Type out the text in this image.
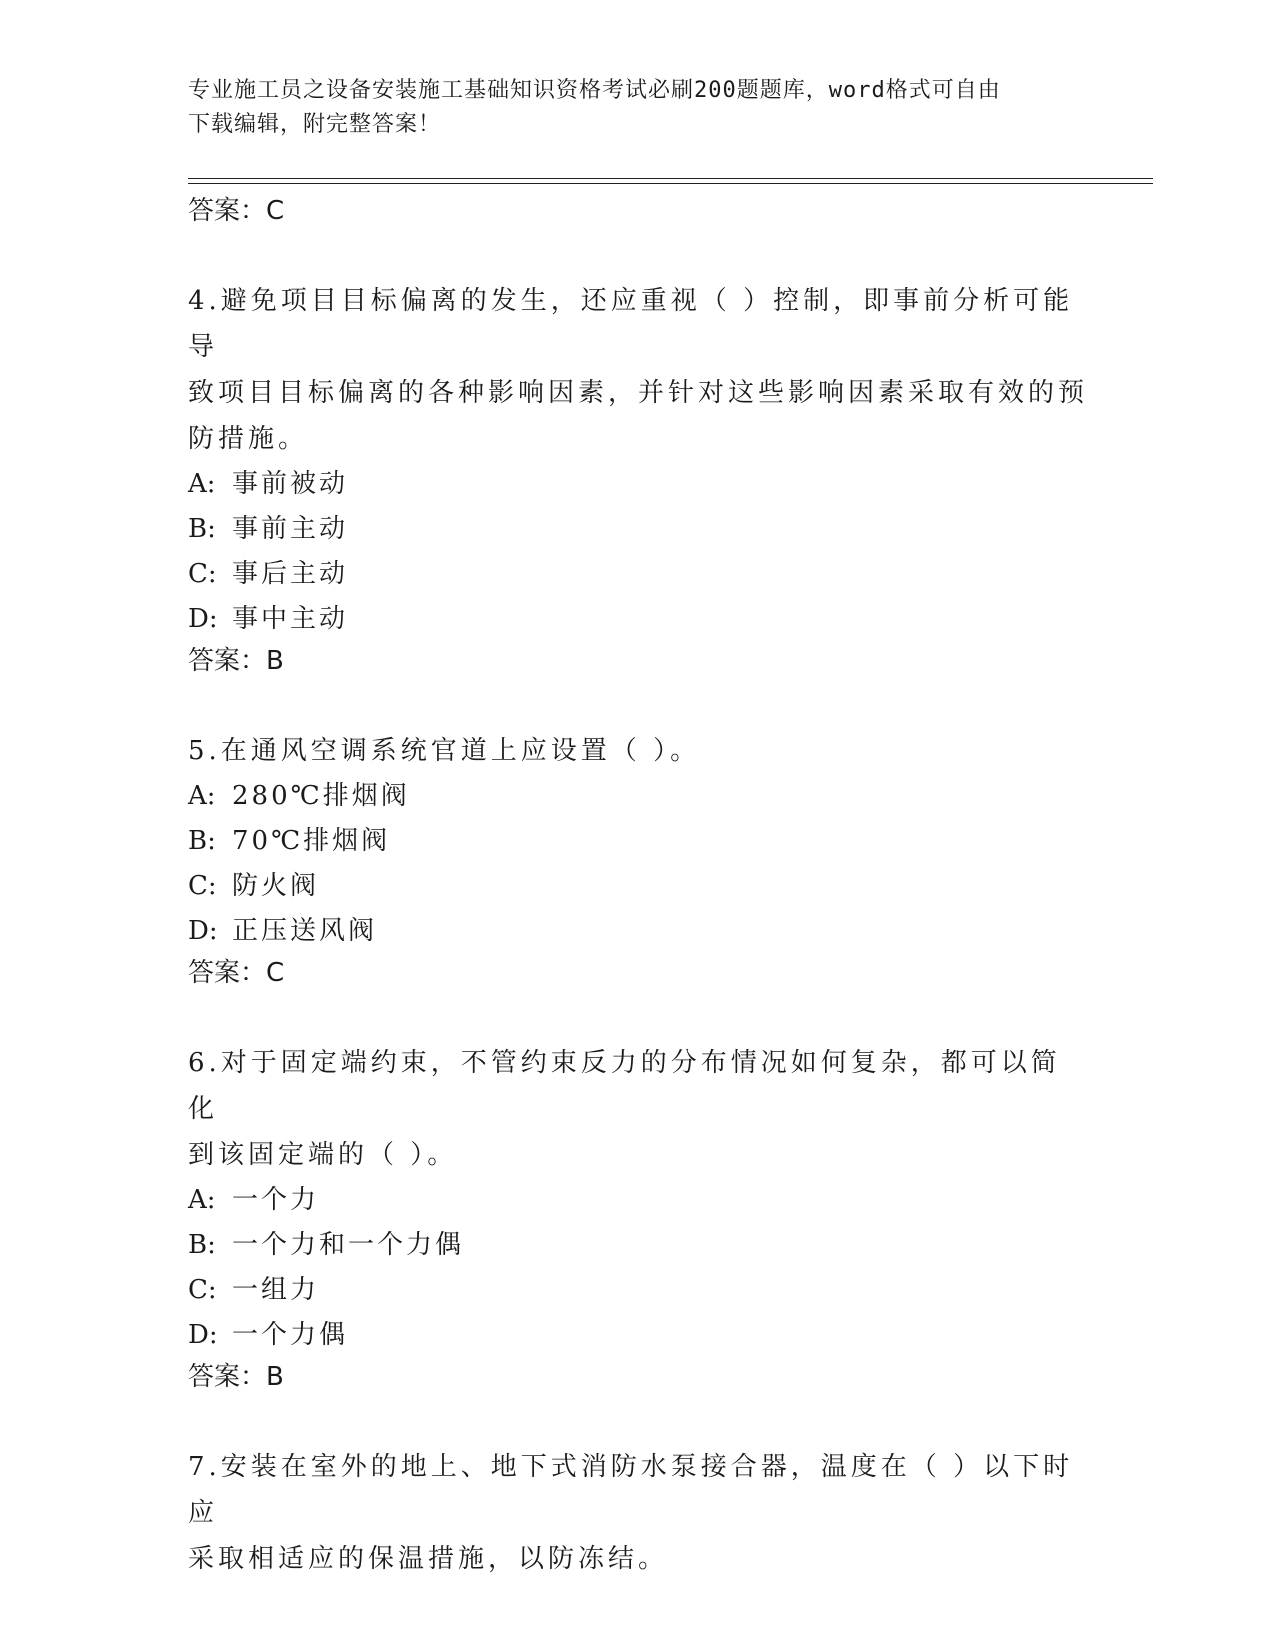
专业施工员之设备安装施工基础知识资格考试必刷200题题库，word格式可自由
下载编辑，附完整答案！
答案：C
4.避免项目目标偏离的发生，还应重视（ ）控制，即事前分析可能导
致项目目标偏离的各种影响因素，并针对这些影响因素采取有效的预
防措施。
A: 事前被动
B: 事前主动
C: 事后主动
D: 事中主动
答案：B
5.在通风空调系统官道上应设置（ ）。
A: 280℃排烟阀
B: 70℃排烟阀
C: 防火阀
D: 正压送风阀
答案：C
6.对于固定端约束，不管约束反力的分布情况如何复杂，都可以简化
到该固定端的（ ）。
A: 一个力
B: 一个力和一个力偶
C: 一组力
D: 一个力偶
答案：B
7.安装在室外的地上、地下式消防水泵接合器，温度在（ ）以下时应
采取相适应的保温措施，以防冻结。
